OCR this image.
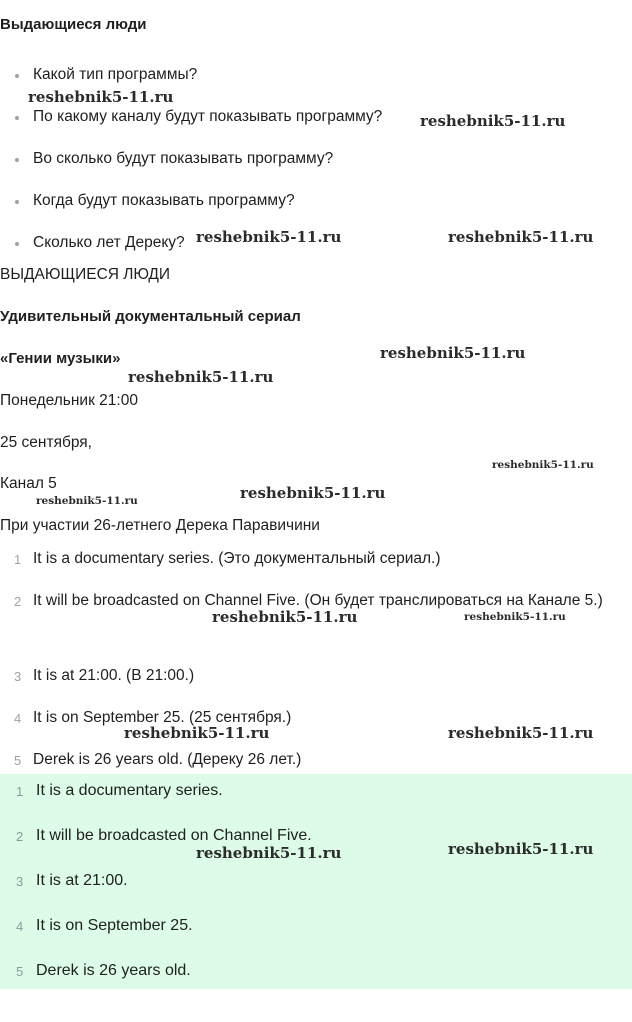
Выдающиеся люди
Какой тип программы?
По какому каналу будут показывать программу?
Во сколько будут показывать программу?
Когда будут показывать программу?
Сколько лет Дереку?

ВЫДАЮЩИЕСЯ ЛЮДИ

Удивительный документальный сериал
«Гении музыки»

Понедельник 21:00

25 сентября,

Канал 5

При участии 26-летнего Дерека Паравичини

1 It is a documentary series. (Это документальный сериал.)
2 It will be broadcasted on Channel Five. (Он будет транслироваться на Канале 5.)
3 It is at 21:00. (В 21:00.)
4 It is on September 25. (25 сентября.)
5 Derek is 26 years old. (Дереку 26 лет.)
1 It is a documentary series.
2 It will be broadcasted on Channel Five.
3 It is at 21:00.
4 It is on September 25.
5 Derek is 26 years old.
reshebnik5-11.ru
reshebnik5-11.ru
reshebnik5-11.ru	reshebnik5-11.ru
reshebnik5-11.ru
reshebnik5-11.ru
reshebnik5-11.ru
reshebnik5-11.ru
reshebnik5-11.ru
reshebnik5-11.ru	reshebnik5-11.ru
reshebnik5-11.ru	reshebnik5-11.ru
reshebnik5-11.ru	reshebnik5-11.ru
